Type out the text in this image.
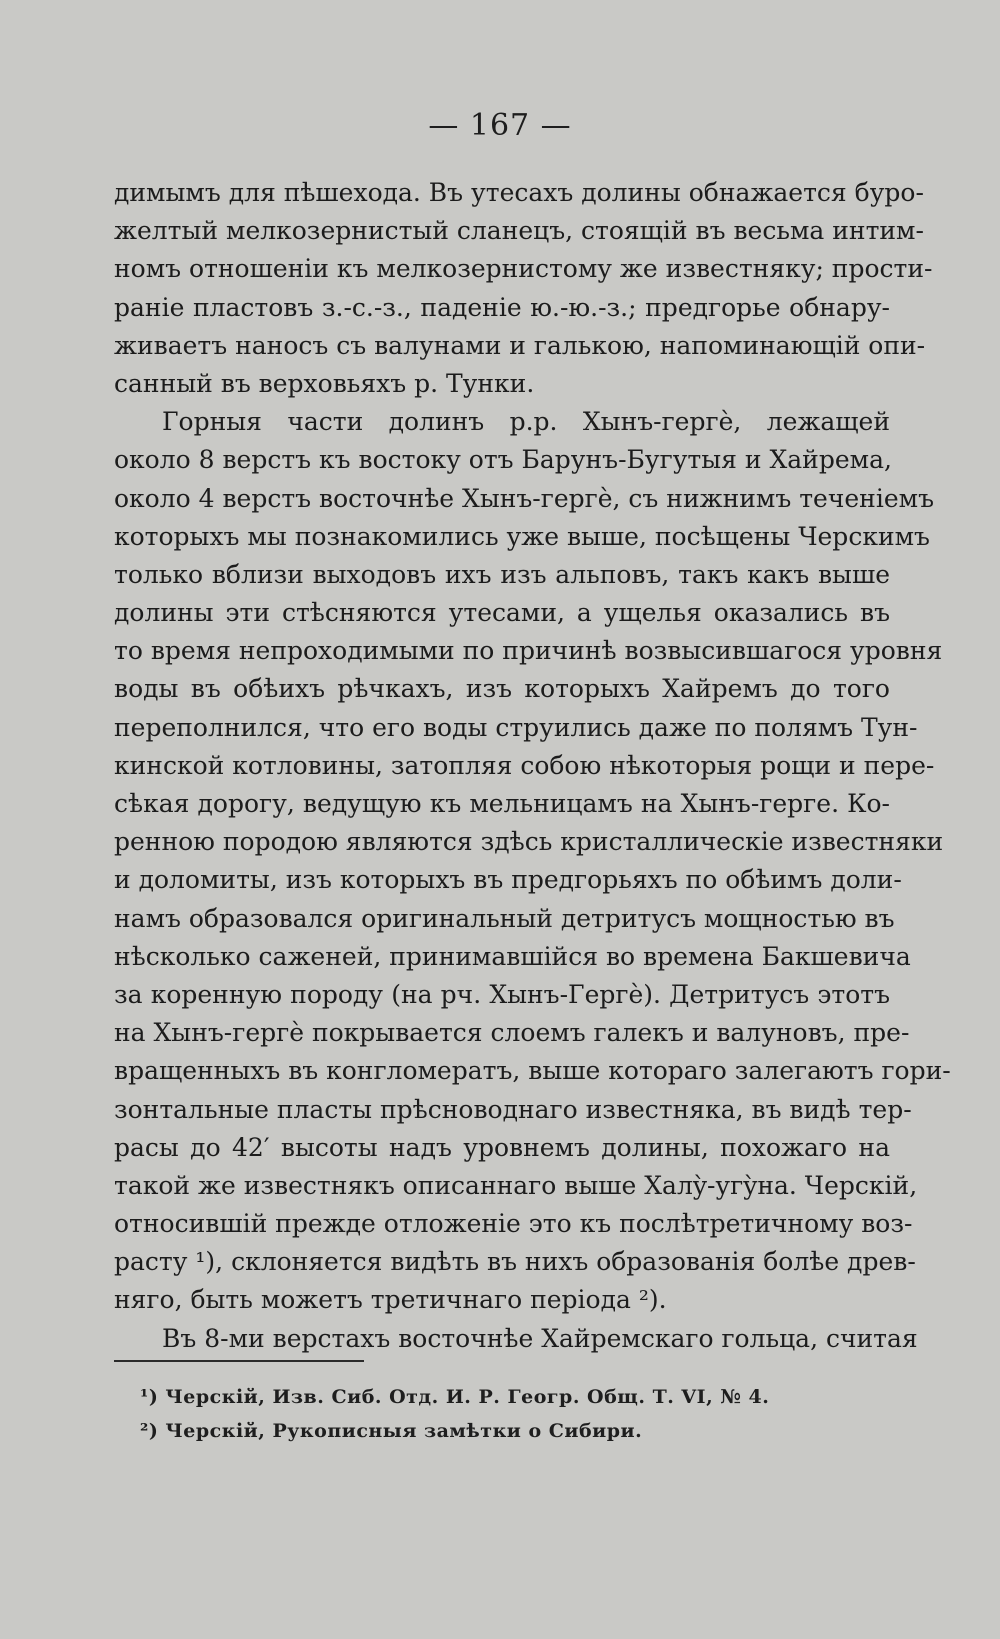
— 167 —
димымъ для пѣшехода. Въ утесахъ долины обнажается буро-
желтый мелкозернистый сланецъ, стоящій въ весьма интим-
номъ отношеніи къ мелкозернистому же известняку; прости-
раніе пластовъ з.-с.-з., паденіе ю.-ю.-з.; предгорье обнару-
живаетъ наносъ съ валунами и галькою, напоминающій опи-
санный въ верховьяхъ р. Тунки.
Горныя части долинъ р.р. Хынъ-гергè, лежащей
около 8 верстъ къ востоку отъ Барунъ-Бугутыя и Хайрема,
около 4 верстъ восточнѣе Хынъ-гергè, съ нижнимъ теченіемъ
которыхъ мы познакомились уже выше, посѣщены Черскимъ
только вблизи выходовъ ихъ изъ альповъ, такъ какъ выше
долины эти стѣсняются утесами, а ущелья оказались въ
то время непроходимыми по причинѣ возвысившагося уровня
воды въ обѣихъ рѣчкахъ, изъ которыхъ Хайремъ до того
переполнился, что его воды струились даже по полямъ Тун-
кинской котловины, затопляя собою нѣкоторыя рощи и пере-
сѣкая дорогу, ведущую къ мельницамъ на Хынъ-герге. Ко-
ренною породою являются здѣсь кристаллическіе известняки
и доломиты, изъ которыхъ въ предгорьяхъ по обѣимъ доли-
намъ образовался оригинальный детритусъ мощностью въ
нѣсколько саженей, принимавшійся во времена Бакшевича
за коренную породу (на рч. Хынъ-Гергè). Детритусъ этотъ
на Хынъ-гергè покрывается слоемъ галекъ и валуновъ, пре-
вращенныхъ въ конгломератъ, выше котораго залегаютъ гори-
зонтальные пласты прѣсноводнаго известняка, въ видѣ тер-
расы до 42′ высоты надъ уровнемъ долины, похожаго на
такой же известнякъ описаннаго выше Халỳ-угỳна. Черскій,
относившій прежде отложеніе это къ послѣтретичному воз-
расту ¹), склоняется видѣть въ нихъ образованія болѣе древ-
няго, быть можетъ третичнаго періода ²).
Въ 8-ми верстахъ восточнѣе Хайремскаго гольца, считая
¹) Черскій, Изв. Сиб. Отд. И. Р. Геогр. Общ. Т. VI, № 4.
²) Черскій, Рукописныя замѣтки о Сибири.
